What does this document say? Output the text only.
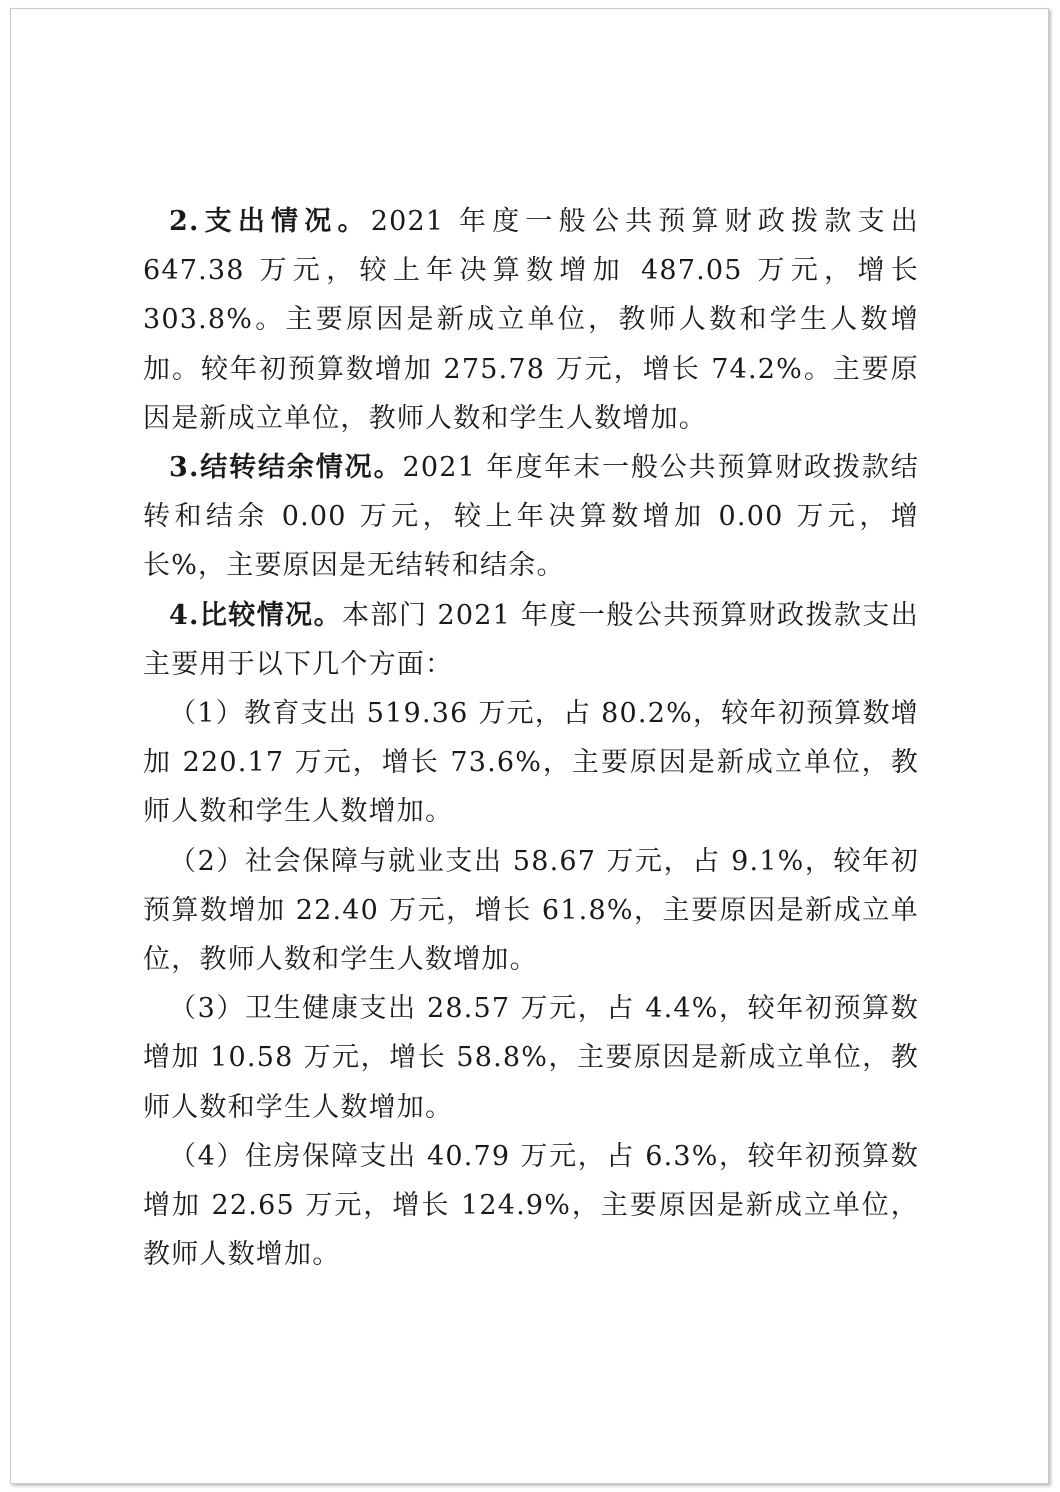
2.支出情况。2021 年度一般公共预算财政拨款支出 647.38 万元，较上年决算数增加 487.05 万元，增长 303.8%。主要原因是新成立单位，教师人数和学生人数增加。较年初预算数增加 275.78 万元，增长 74.2%。主要原因是新成立单位，教师人数和学生人数增加。

3.结转结余情况。2021 年度年末一般公共预算财政拨款结转和结余 0.00 万元，较上年决算数增加 0.00 万元，增长%，主要原因是无结转和结余。

4.比较情况。本部门 2021 年度一般公共预算财政拨款支出主要用于以下几个方面：

（1）教育支出 519.36 万元，占 80.2%，较年初预算数增加 220.17 万元，增长 73.6%，主要原因是新成立单位，教师人数和学生人数增加。

（2）社会保障与就业支出 58.67 万元，占 9.1%，较年初预算数增加 22.40 万元，增长 61.8%，主要原因是新成立单位，教师人数和学生人数增加。

（3）卫生健康支出 28.57 万元，占 4.4%，较年初预算数增加 10.58 万元，增长 58.8%，主要原因是新成立单位，教师人数和学生人数增加。

（4）住房保障支出 40.79 万元，占 6.3%，较年初预算数增加 22.65 万元，增长 124.9%，主要原因是新成立单位，教师人数增加。
